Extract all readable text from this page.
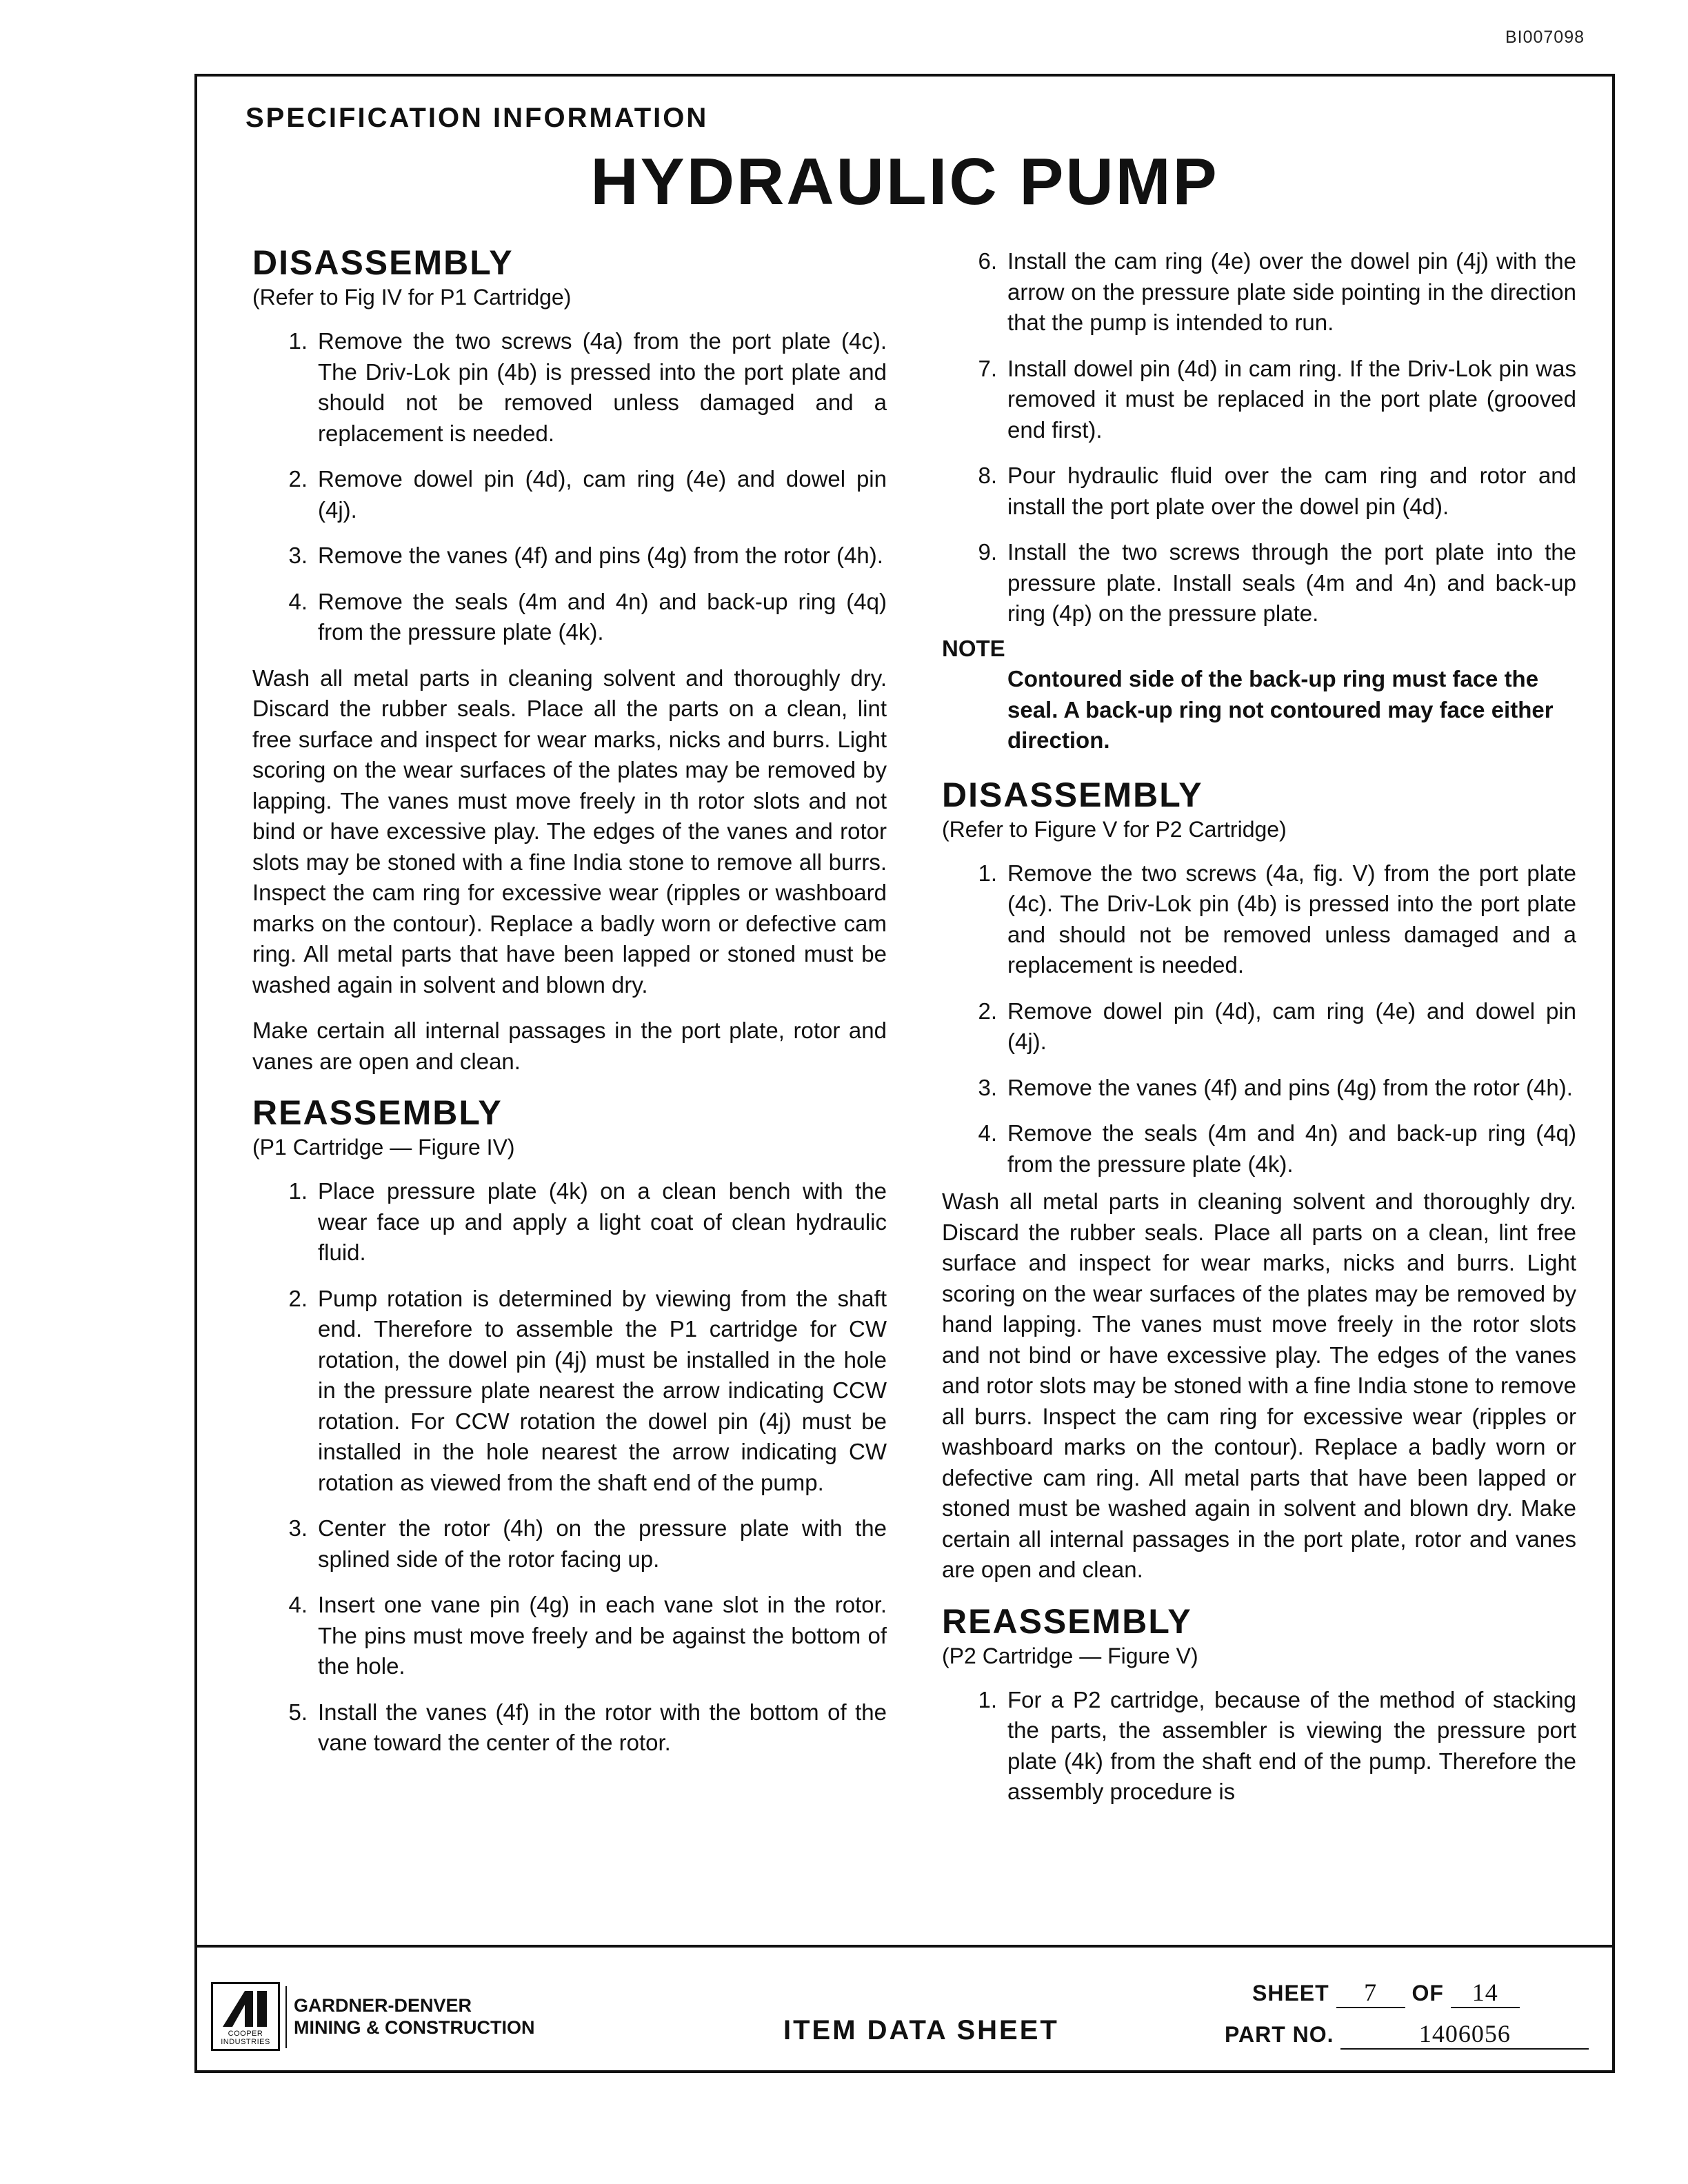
BI007098
SPECIFICATION INFORMATION
HYDRAULIC PUMP
DISASSEMBLY
(Refer to Fig IV for P1 Cartridge)
1. Remove the two screws (4a) from the port plate (4c). The Driv-Lok pin (4b) is pressed into the port plate and should not be removed unless damaged and a replacement is needed.
2. Remove dowel pin (4d), cam ring (4e) and dowel pin (4j).
3. Remove the vanes (4f) and pins (4g) from the rotor (4h).
4. Remove the seals (4m and 4n) and back-up ring (4q) from the pressure plate (4k).

Wash all metal parts in cleaning solvent and thoroughly dry. Discard the rubber seals. Place all the parts on a clean, lint free surface and inspect for wear marks, nicks and burrs. Light scoring on the wear surfaces of the plates may be removed by lapping. The vanes must move freely in th rotor slots and not bind or have excessive play. The edges of the vanes and rotor slots may be stoned with a fine India stone to remove all burrs. Inspect the cam ring for excessive wear (ripples or washboard marks on the contour). Replace a badly worn or defective cam ring. All metal parts that have been lapped or stoned must be washed again in solvent and blown dry.

Make certain all internal passages in the port plate, rotor and vanes are open and clean.

REASSEMBLY
(P1 Cartridge — Figure IV)
1. Place pressure plate (4k) on a clean bench with the wear face up and apply a light coat of clean hydraulic fluid.
2. Pump rotation is determined by viewing from the shaft end. Therefore to assemble the P1 cartridge for CW rotation, the dowel pin (4j) must be installed in the hole in the pressure plate nearest the arrow indicating CCW rotation. For CCW rotation the dowel pin (4j) must be installed in the hole nearest the arrow indicating CW rotation as viewed from the shaft end of the pump.
3. Center the rotor (4h) on the pressure plate with the splined side of the rotor facing up.
4. Insert one vane pin (4g) in each vane slot in the rotor. The pins must move freely and be against the bottom of the hole.
5. Install the vanes (4f) in the rotor with the bottom of the vane toward the center of the rotor.
6. Install the cam ring (4e) over the dowel pin (4j) with the arrow on the pressure plate side pointing in the direction that the pump is intended to run.
7. Install dowel pin (4d) in cam ring. If the Driv-Lok pin was removed it must be replaced in the port plate (grooved end first).
8. Pour hydraulic fluid over the cam ring and rotor and install the port plate over the dowel pin (4d).
9. Install the two screws through the port plate into the pressure plate. Install seals (4m and 4n) and back-up ring (4p) on the pressure plate.

NOTE

Contoured side of the back-up ring must face the seal. A back-up ring not contoured may face either direction.

DISASSEMBLY
(Refer to Figure V for P2 Cartridge)
1. Remove the two screws (4a, fig. V) from the port plate (4c). The Driv-Lok pin (4b) is pressed into the port plate and should not be removed unless damaged and a replacement is needed.
2. Remove dowel pin (4d), cam ring (4e) and dowel pin (4j).
3. Remove the vanes (4f) and pins (4g) from the rotor (4h).
4. Remove the seals (4m and 4n) and back-up ring (4q) from the pressure plate (4k).

Wash all metal parts in cleaning solvent and thoroughly dry. Discard the rubber seals. Place all parts on a clean, lint free surface and inspect for wear marks, nicks and burrs. Light scoring on the wear surfaces of the plates may be removed by hand lapping. The vanes must move freely in the rotor slots and not bind or have excessive play. The edges of the vanes and rotor slots may be stoned with a fine India stone to remove all burrs. Inspect the cam ring for excessive wear (ripples or washboard marks on the contour). Replace a badly worn or defective cam ring. All metal parts that have been lapped or stoned must be washed again in solvent and blown dry. Make certain all internal passages in the port plate, rotor and vanes are open and clean.

REASSEMBLY
(P2 Cartridge — Figure V)
1. For a P2 cartridge, because of the method of stacking the parts, the assembler is viewing the pressure port plate (4k) from the shaft end of the pump. Therefore the assembly procedure is
COOPER INDUSTRIES
GARDNER-DENVER
MINING & CONSTRUCTION	ITEM DATA SHEET
SHEET 7 OF 14
PART NO.	1406056
